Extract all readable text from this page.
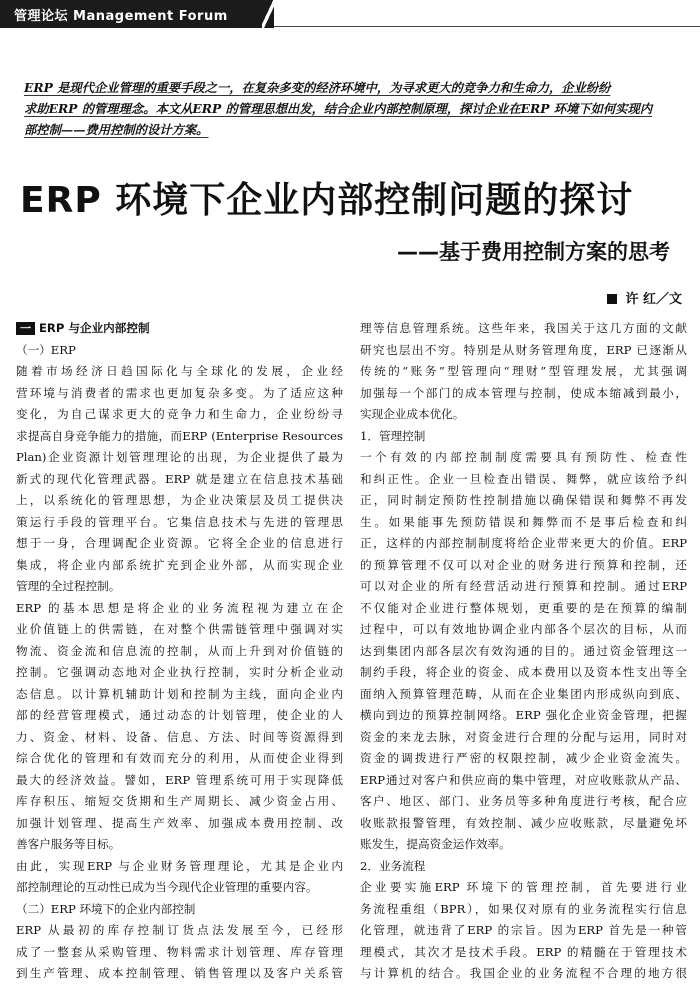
管理论坛 Management Forum
ERP 是现代企业管理的重要手段之一，在复杂多变的经济环境中，为寻求更大的竞争力和生命力，企业纷纷
求助ERP 的管理理念。本文从ERP 的管理思想出发，结合企业内部控制原理，探讨企业在ERP 环境下如何实现内
部控制——费用控制的设计方案。
ERP 环境下企业内部控制问题的探讨
——基于费用控制方案的思考
许 红／文
一 ERP 与企业内部控制
（一）ERP
随着市场经济日趋国际化与全球化的发展，企业经
营环境与消费者的需求也更加复杂多变。为了适应这种
变化，为自己谋求更大的竞争力和生命力，企业纷纷寻
求提高自身竞争能力的措施，而ERP (Enterprise Resources
Plan)企业资源计划管理理论的出现，为企业提供了最为
新式的现代化管理武器。ERP 就是建立在信息技术基础
上，以系统化的管理思想，为企业决策层及员工提供决
策运行手段的管理平台。它集信息技术与先进的管理思
想于一身，合理调配企业资源。它将全企业的信息进行
集成，将企业内部系统扩充到企业外部，从而实现企业
管理的全过程控制。
ERP 的基本思想是将企业的业务流程视为建立在企
业价值链上的供需链，在对整个供需链管理中强调对实
物流、资金流和信息流的控制，从而上升到对价值链的
控制。它强调动态地对企业执行控制，实时分析企业动
态信息。以计算机辅助计划和控制为主线，面向企业内
部的经营管理模式，通过动态的计划管理，使企业的人
力、资金、材料、设备、信息、方法、时间等资源得到
综合优化的管理和有效而充分的利用，从而使企业得到
最大的经济效益。譬如，ERP 管理系统可用于实现降低
库存积压、缩短交货期和生产周期长、减少资金占用、
加强计划管理、提高生产效率、加强成本费用控制、改
善客户服务等目标。
由此，实现ERP 与企业财务管理理论，尤其是企业内
部控制理论的互动性已成为当今现代企业管理的重要内容。
（二）ERP 环境下的企业内部控制
ERP 从最初的库存控制订货点法发展至今，已经形
成了一整套从采购管理、物料需求计划管理、库存管理
到生产管理、成本控制管理、销售管理以及客户关系管
理等信息管理系统。这些年来，我国关于这几方面的文献
研究也层出不穷。特别是从财务管理角度，ERP 已逐渐从
传统的“账务”型管理向“理财”型管理发展，尤其强调
加强每一个部门的成本管理与控制，使成本缩减到最小，
实现企业成本优化。
1．管理控制
一个有效的内部控制制度需要具有预防性、检查性
和纠正性。企业一旦检查出错误、舞弊，就应该给予纠
正，同时制定预防性控制措施以确保错误和舞弊不再发
生。如果能事先预防错误和舞弊而不是事后检查和纠
正，这样的内部控制制度将给企业带来更大的价值。ERP
的预算管理不仅可以对企业的财务进行预算和控制，还
可以对企业的所有经营活动进行预算和控制。通过ERP
不仅能对企业进行整体规划，更重要的是在预算的编制
过程中，可以有效地协调企业内部各个层次的目标，从而
达到集团内部各层次有效沟通的目的。通过资金管理这一
制约手段，将企业的资金、成本费用以及资本性支出等全
面纳入预算管理范畴，从而在企业集团内形成纵向到底、
横向到边的预算控制网络。ERP 强化企业资金管理，把握
资金的来龙去脉，对资金进行合理的分配与运用，同时对
资金的调拨进行严密的权限控制，减少企业资金流失。
ERP通过对客户和供应商的集中管理，对应收账款从产品、
客户、地区、部门、业务员等多种角度进行考核，配合应
收账款报警管理，有效控制、减少应收账款，尽量避免坏
账发生，提高资金运作效率。
2．业务流程
企业要实施ERP 环境下的管理控制，首先要进行业
务流程重组（BPR），如果仅对原有的业务流程实行信息
化管理，就违背了ERP 的宗旨。因为ERP 首先是一种管
理模式，其次才是技术手段。ERP 的精髓在于管理技术
与计算机的结合。我国企业的业务流程不合理的地方很
